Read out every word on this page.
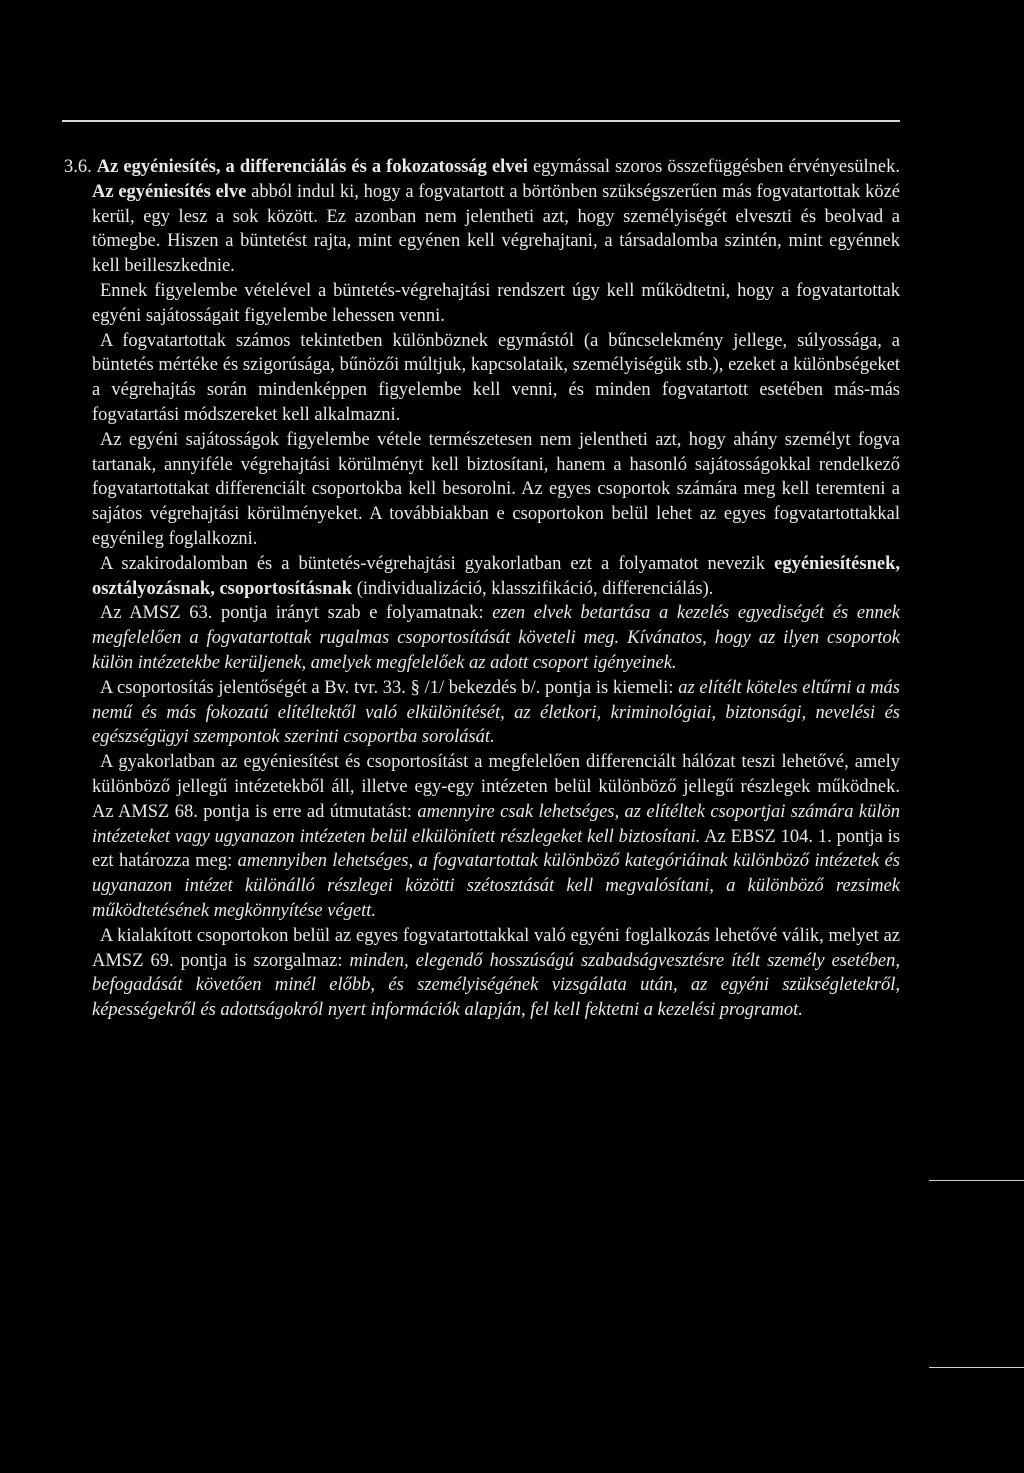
3.6. Az egyéniesítés, a differenciálás és a fokozatosság elvei egymással szoros összefüggésben érvényesülnek. Az egyéniesítés elve abból indul ki, hogy a fogvatartott a börtönben szükségszerűen más fogvatartottak közé kerül, egy lesz a sok között. Ez azonban nem jelentheti azt, hogy személyiségét elveszti és beolvad a tömegbe. Hiszen a büntetést rajta, mint egyénen kell végrehajtani, a társadalomba szintén, mint egyénnek kell beilleszkednie.

Ennek figyelembe vételével a büntetés-végrehajtási rendszert úgy kell működtetni, hogy a fogvatartottak egyéni sajátosságait figyelembe lehessen venni.

A fogvatartottak számos tekintetben különböznek egymástól (a bűncselekmény jellege, súlyossága, a büntetés mértéke és szigorúsága, bűnözői múltjuk, kapcsolataik, személyiségük stb.), ezeket a különbségeket a végrehajtás során mindenképpen figyelembe kell venni, és minden fogvatartott esetében más-más fogvatartási módszereket kell alkalmazni.

Az egyéni sajátosságok figyelembe vétele természetesen nem jelentheti azt, hogy ahány személyt fogva tartanak, annyiféle végrehajtási körülményt kell biztosítani, hanem a hasonló sajátosságokkal rendelkező fogvatartottakat differenciált csoportokba kell besorolni. Az egyes csoportok számára meg kell teremteni a sajátos végrehajtási körülményeket. A továbbiakban e csoportokon belül lehet az egyes fogvatartottakkal egyénileg foglalkozni.

A szakirodalomban és a büntetés-végrehajtási gyakorlatban ezt a folyamatot nevezik egyéniesítésnek, osztályozásnak, csoportosításnak (individualizáció, klasszifikáció, differenciálás).

Az AMSZ 63. pontja irányt szab e folyamatnak: ezen elvek betartása a kezelés egyediségét és ennek megfelelően a fogvatartottak rugalmas csoportosítását követeli meg. Kívánatos, hogy az ilyen csoportok külön intézetekbe kerüljenek, amelyek megfelelőek az adott csoport igényeinek.

A csoportosítás jelentőségét a Bv. tvr. 33. § /1/ bekezdés b/. pontja is kiemeli: az elítélt köteles eltűrni a más nemű és más fokozatú elítéltektől való elkülönítését, az életkori, kriminológiai, biztonsági, nevelési és egészségügyi szempontok szerinti csoportba sorolását.

A gyakorlatban az egyéniesítést és csoportosítást a megfelelően differenciált hálózat teszi lehetővé, amely különböző jellegű intézetekből áll, illetve egy-egy intézeten belül különböző jellegű részlegek működnek. Az AMSZ 68. pontja is erre ad útmutatást: amennyire csak lehetséges, az elítéltek csoportjai számára külön intézeteket vagy ugyanazon intézeten belül elkülönített részlegeket kell biztosítani. Az EBSZ 104. 1. pontja is ezt határozza meg: amennyiben lehetséges, a fogvatartottak különböző kategóriáinak különböző intézetek és ugyanazon intézet különálló részlegei közötti szétosztását kell megvalósítani, a különböző rezsimek működtetésének megkönnyítése végett.

A kialakított csoportokon belül az egyes fogvatartottakkal való egyéni foglalkozás lehetővé válik, melyet az AMSZ 69. pontja is szorgalmaz: minden, elegendő hosszúságú szabadságvesztésre ítélt személy esetében, befogadását követően minél előbb, és személyiségének vizsgálata után, az egyéni szükségletekről, képességekről és adottságokról nyert információk alapján, fel kell fektetni a kezelési programot.
